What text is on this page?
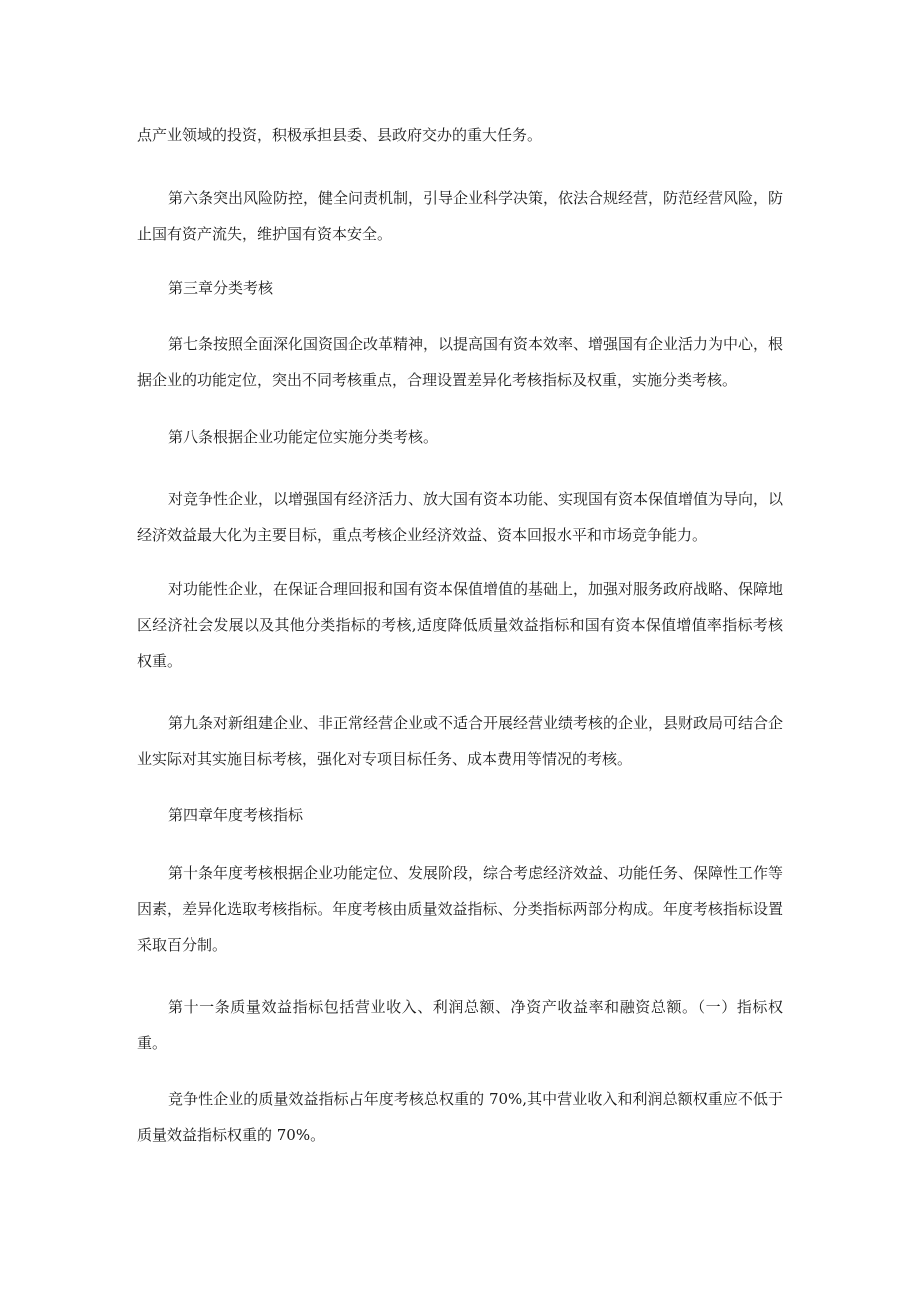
点产业领域的投资，积极承担县委、县政府交办的重大任务。

第六条突出风险防控，健全问责机制，引导企业科学决策，依法合规经营，防范经营风险，防止国有资产流失，维护国有资本安全。

第三章分类考核

第七条按照全面深化国资国企改革精神，以提高国有资本效率、增强国有企业活力为中心，根据企业的功能定位，突出不同考核重点，合理设置差异化考核指标及权重，实施分类考核。

第八条根据企业功能定位实施分类考核。

对竞争性企业，以增强国有经济活力、放大国有资本功能、实现国有资本保值增值为导向，以经济效益最大化为主要目标，重点考核企业经济效益、资本回报水平和市场竞争能力。

对功能性企业，在保证合理回报和国有资本保值增值的基础上，加强对服务政府战略、保障地区经济社会发展以及其他分类指标的考核,适度降低质量效益指标和国有资本保值增值率指标考核权重。

第九条对新组建企业、非正常经营企业或不适合开展经营业绩考核的企业，县财政局可结合企业实际对其实施目标考核，强化对专项目标任务、成本费用等情况的考核。

第四章年度考核指标

第十条年度考核根据企业功能定位、发展阶段，综合考虑经济效益、功能任务、保障性工作等因素，差异化选取考核指标。年度考核由质量效益指标、分类指标两部分构成。年度考核指标设置采取百分制。

第十一条质量效益指标包括营业收入、利润总额、净资产收益率和融资总额。（一）指标权重。

竞争性企业的质量效益指标占年度考核总权重的 70%,其中营业收入和利润总额权重应不低于质量效益指标权重的 70%。
